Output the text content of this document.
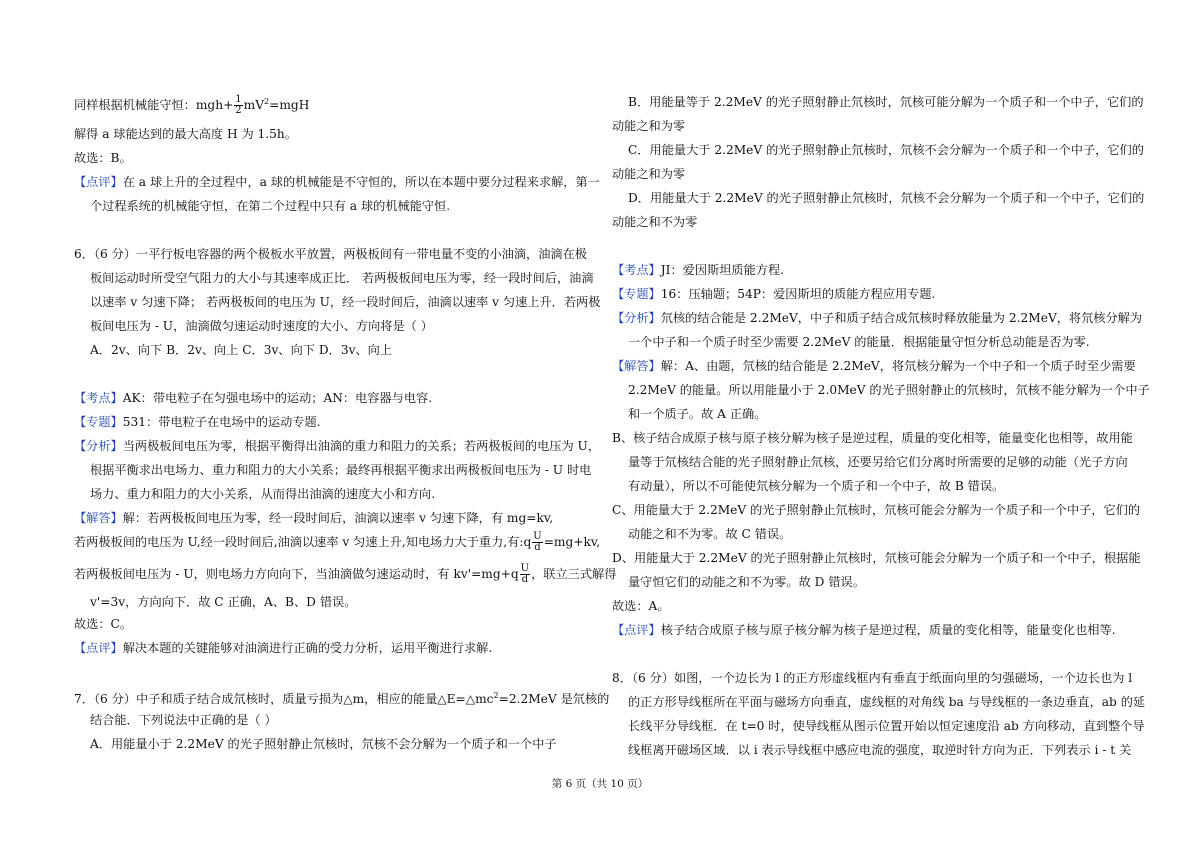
同样根据机械能守恒：$mgh+ \frac{1}{2} mV^2=mgH$
解得 a 球能达到的最大高度 H 为 1.5h。
故选：B。
【点评】在 a 球上升的全过程中，a 球的机械能是不守恒的，所以在本题中要分过程来求解，第一
个过程系统的机械能守恒，在第二个过程中只有 a 球的机械能守恒.
6．（6 分）一平行板电容器的两个极板水平放置，两极板间有一带电量不变的小油滴，油滴在极
板间运动时所受空气阻力的大小与其速率成正比． 若两极板间电压为零，经一段时间后，油滴
以速率 v 匀速下降； 若两极板间的电压为 U，经一段时间后，油滴以速率 v 匀速上升．若两极
板间电压为 - U，油滴做匀速运动时速度的大小、方向将是（ ）
A．2v、向下 B．2v、向上 C．3v、向下 D．3v、向上
【考点】AK：带电粒子在匀强电场中的运动；AN：电容器与电容.
【专题】531：带电粒子在电场中的运动专题.
【分析】当两极板间电压为零，根据平衡得出油滴的重力和阻力的关系；若两极板间的电压为 U，
根据平衡求出电场力、重力和阻力的大小关系；最终再根据平衡求出两极板间电压为 - U 时电
场力、重力和阻力的大小关系，从而得出油滴的速度大小和方向.
【解答】解：若两极板间电压为零，经一段时间后，油滴以速率 v 匀速下降，有 mg=kv,
若两极板间的电压为 U,经一段时间后,油滴以速率 v 匀速上升,知电场力大于重力,有:q $\frac{U}{d} =mg+kv$,
若两极板间电压为 - U，则电场力方向向下，当油滴做匀速运动时，有 $kv'=mg+q \frac{U}{d}$ ，联立三式解得
v'=3v，方向向下．故 C 正确，A、B、D 错误。
故选：C。
【点评】解决本题的关键能够对油滴进行正确的受力分析，运用平衡进行求解.
7．（6 分）中子和质子结合成氘核时，质量亏损为△m，相应的能量$\triangle E=\triangle mc^2=2.2MeV$ 是氘核的
结合能．下列说法中正确的是（ ）
A．用能量小于 2.2MeV 的光子照射静止氘核时，氘核不会分解为一个质子和一个中子
B．用能量等于 2.2MeV 的光子照射静止氘核时，氘核可能分解为一个质子和一个中子，它们的
动能之和为零
C．用能量大于 2.2MeV 的光子照射静止氘核时，氘核不会分解为一个质子和一个中子，它们的
动能之和为零
D．用能量大于 2.2MeV 的光子照射静止氘核时，氘核不会分解为一个质子和一个中子，它们的
动能之和不为零
【考点】JI：爱因斯坦质能方程.
【专题】16：压轴题；54P：爱因斯坦的质能方程应用专题.
【分析】氘核的结合能是 2.2MeV，中子和质子结合成氘核时释放能量为 2.2MeV，将氘核分解为
一个中子和一个质子时至少需要 2.2MeV 的能量．根据能量守恒分析总动能是否为零.
【解答】解：A、由题，氘核的结合能是 2.2MeV，将氘核分解为一个中子和一个质子时至少需要
2.2MeV 的能量。所以用能量小于 2.0MeV 的光子照射静止的氘核时，氘核不能分解为一个中子
和一个质子。故 A 正确。
B、核子结合成原子核与原子核分解为核子是逆过程，质量的变化相等，能量变化也相等，故用能
量等于氘核结合能的光子照射静止氘核，还要另给它们分离时所需要的足够的动能（光子方向
有动量），所以不可能使氘核分解为一个质子和一个中子，故 B 错误。
C、用能量大于 2.2MeV 的光子照射静止氘核时，氘核可能会分解为一个质子和一个中子，它们的
动能之和不为零。故 C 错误。
D、用能量大于 2.2MeV 的光子照射静止氘核时，氘核可能会分解为一个质子和一个中子，根据能
量守恒它们的动能之和不为零。故 D 错误。
故选：A。
【点评】核子结合成原子核与原子核分解为核子是逆过程，质量的变化相等，能量变化也相等.
8．（6 分）如图，一个边长为 l 的正方形虚线框内有垂直于纸面向里的匀强磁场，一个边长也为 l
的正方形导线框所在平面与磁场方向垂直，虚线框的对角线 ba 与导线框的一条边垂直，ab 的延
长线平分导线框．在 t=0 时，使导线框从图示位置开始以恒定速度沿 ab 方向移动，直到整个导
线框离开磁场区域．以 i 表示导线框中感应电流的强度，取逆时针方向为正．下列表示 i - t 关
第 6 页（共 10 页）
